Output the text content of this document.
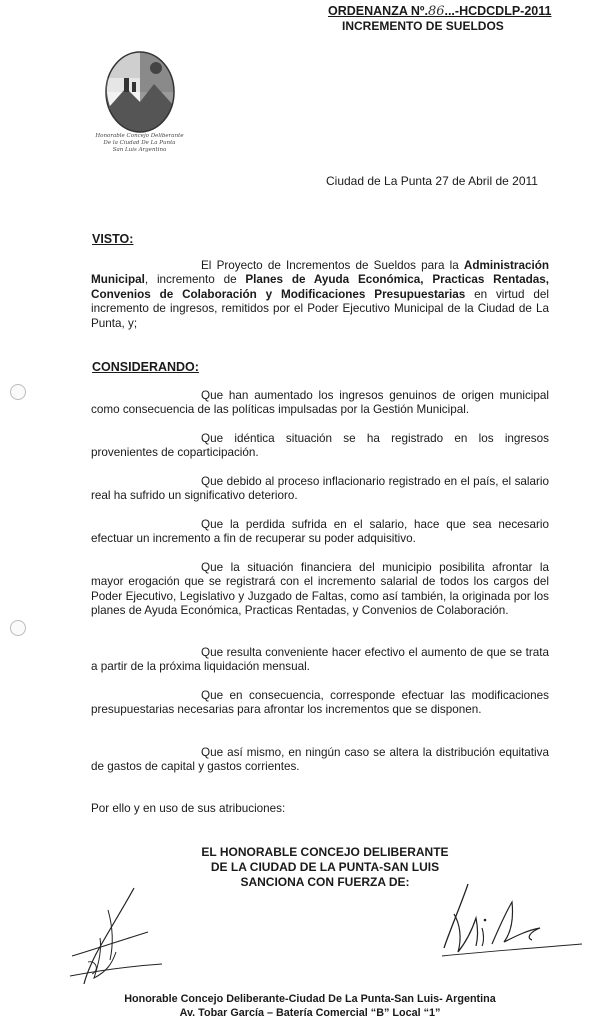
ORDENANZA Nº.86...-HCDCDLP-2011
INCREMENTO DE SUELDOS
Honorable Concejo Deliberante
De la Ciudad De La Punta
San Luis Argentina
Ciudad de La Punta 27 de Abril de 2011
VISTO:
El Proyecto de Incrementos de Sueldos para la Administración Municipal, incremento de Planes de Ayuda Económica, Practicas Rentadas, Convenios de Colaboración y Modificaciones Presupuestarias en virtud del incremento de ingresos, remitidos por el Poder Ejecutivo Municipal de la Ciudad de La Punta, y;
CONSIDERANDO:
Que han aumentado los ingresos genuinos de origen municipal como consecuencia de las políticas impulsadas por la Gestión Municipal.
Que idéntica situación se ha registrado en los ingresos provenientes de coparticipación.
Que debido al proceso inflacionario registrado en el país, el salario real ha sufrido un significativo deterioro.
Que la perdida sufrida en el salario, hace que sea necesario efectuar un incremento a fin de recuperar su poder adquisitivo.
Que la situación financiera del municipio posibilita afrontar la mayor erogación que se registrará con el incremento salarial de todos los cargos del Poder Ejecutivo, Legislativo y Juzgado de Faltas, como así también, la originada por los planes de Ayuda Económica, Practicas Rentadas, y Convenios de Colaboración.
Que resulta conveniente hacer efectivo el aumento de que se trata a partir de la próxima liquidación mensual.
Que en consecuencia, corresponde efectuar las modificaciones presupuestarias necesarias para afrontar los incrementos que se disponen.
Que así mismo, en ningún caso se altera la distribución equitativa de gastos de capital y gastos corrientes.
Por ello y en uso de sus atribuciones:
EL HONORABLE CONCEJO DELIBERANTE
DE LA CIUDAD DE LA PUNTA-SAN LUIS
SANCIONA CON FUERZA DE:
Honorable Concejo Deliberante-Ciudad De La Punta-San Luis- Argentina
Av. Tobar García – Batería Comercial “B” Local “1”
